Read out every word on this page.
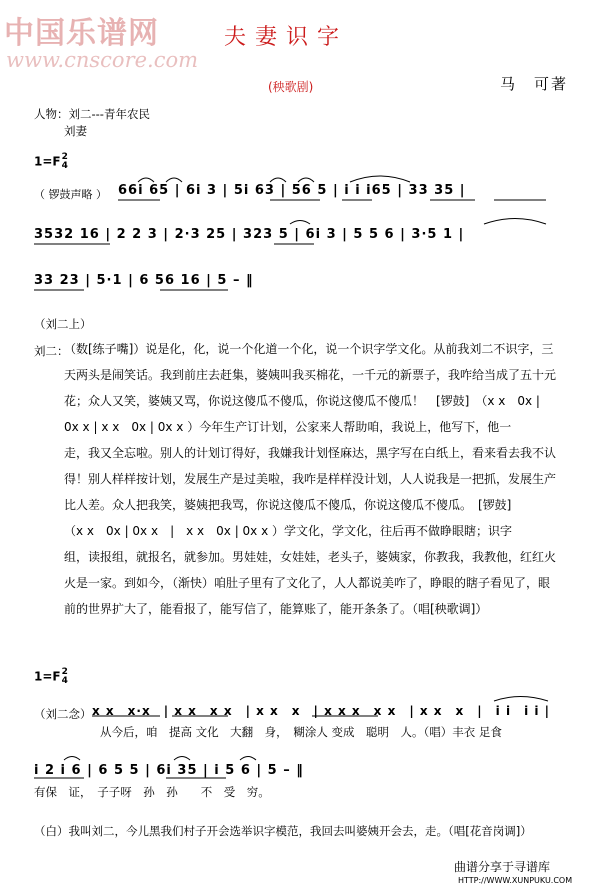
中国乐谱网
www.cnscore.com
夫妻识字
(秧歌剧)	马　可著
人物：刘二---青年农民
刘妻
1=F2
4
（ 锣鼓声略 ） 66i 65 | 6i 3 | 5i 63 | 56 5 | i i i65 | 33 35 |
3532 16 | 2 2 3 | 2·3 25 | 323 5 | 6i 3 | 5 5 6 | 3·5 1 |
33 23 | 5·1 | 6 56 16 | 5 – ‖
（刘二上）
刘二：
（数[练子嘴]）说是化，化，说一个化道一个化，说一个识字学文化。从前我刘二不识字，三
天两头是闹笑话。我到前庄去赶集，婆姨叫我买棉花，一千元的新票子，我咋给当成了五十元
花；众人又笑，婆姨又骂，你说这傻瓜不傻瓜，你说这傻瓜不傻瓜！　[锣鼓]　（x x　0x |
0x x | x x　0x | 0x x ）今年生产订计划，公家来人帮助咱，我说上，他写下，他一
走，我又全忘啦。别人的计划订得好，我嫌我计划怪麻达，黑字写在白纸上，看来看去我不认
得！别人样样按计划，发展生产是过美啦，我咋是样样没计划，人人说我是一把抓，发展生产
比人差。众人把我笑，婆姨把我骂，你说这傻瓜不傻瓜，你说这傻瓜不傻瓜。　[锣鼓]
（x x　0x | 0x x　|　x x　0x | 0x x ）学文化，学文化，往后再不做睁眼瞎；识字
组，读报组，就报名，就参加。男娃娃，女娃娃，老头子，婆姨家，你教我，我教他，红红火
火是一家。到如今，（渐快）咱肚子里有了文化了，人人都说美咋了，睁眼的瞎子看见了，眼
前的世界扩大了，能看报了，能写信了，能算账了，能开条条了。（唱[秧歌调]）
1=F2
4
（刘二念） x x　x·x　| x x　x x　| x x　x　| x x x　x x　| x x　x　|　i i　i i |
从今后，咱　提高 文化　大翻　身，　糊涂人 变成　聪明　人。（唱）丰衣 足食
i 2 i 6 | 6 5 5 | 6i 35 | i 5 6 | 5 – ‖
有保　证，　子子呀　孙　孙　　不　受　穷。
（白）我叫刘二，今儿黑我们村子开会选举识字模范，我回去叫婆姨开会去，走。（唱[花音岗调]）
曲谱分享于寻谱库
HTTP://WWW.XUNPUKU.COM
